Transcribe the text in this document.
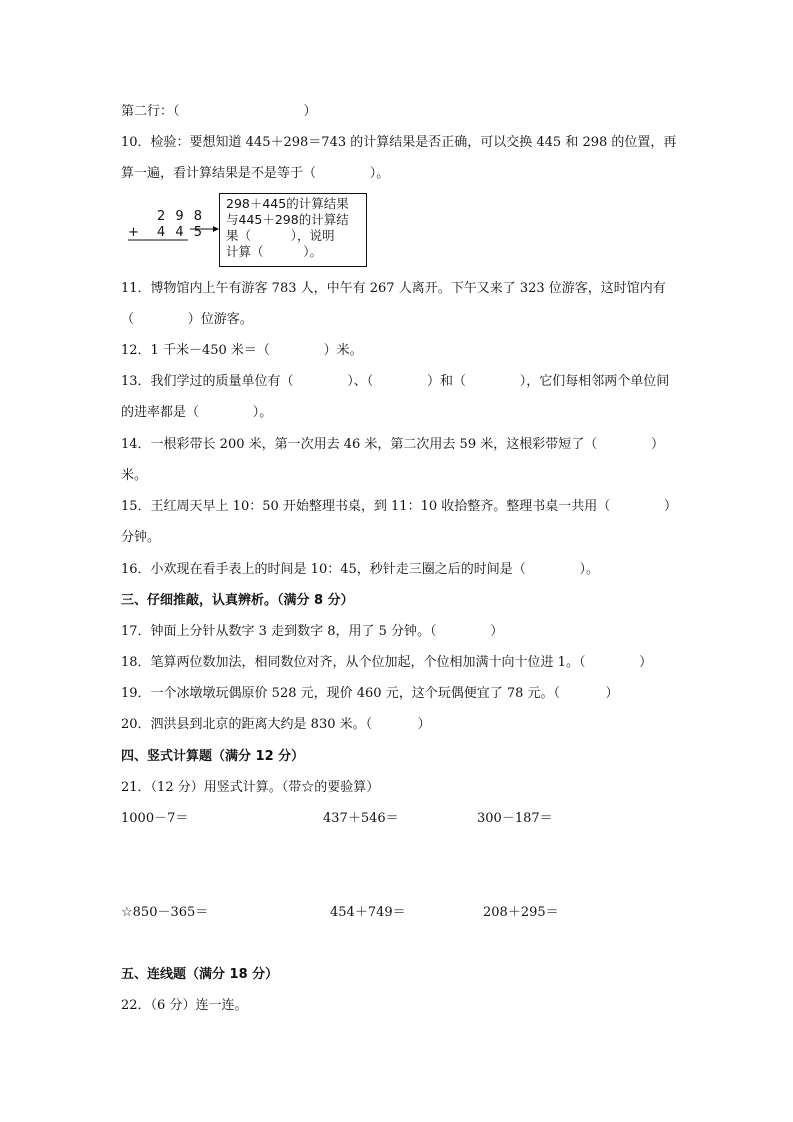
第二行：（                              ）
10．检验：要想知道 445＋298＝743 的计算结果是否正确，可以交换 445 和 298 的位置，再
算一遍，看计算结果是不是等于（             ）。
2 9 8
+ 4 4 5
298＋445的计算结果
与445＋298的计算结
果（          ），说明
计算（          ）。
11．博物馆内上午有游客 783 人，中午有 267 人离开。下午又来了 323 位游客，这时馆内有
（             ）位游客。
12．1 千米－450 米＝（             ）米。
13．我们学过的质量单位有（             ）、（             ）和（             ），它们每相邻两个单位间
的进率都是（             ）。
14．一根彩带长 200 米，第一次用去 46 米，第二次用去 59 米，这根彩带短了（             ）
米。
15．王红周天早上 10：50 开始整理书桌，到 11：10 收拾整齐。整理书桌一共用（             ）
分钟。
16．小欢现在看手表上的时间是 10：45，秒针走三圈之后的时间是（             ）。
三、仔细推敲，认真辨析。（满分 8 分）
17．钟面上分针从数字 3 走到数字 8，用了 5 分钟。（             ）
18．笔算两位数加法，相同数位对齐，从个位加起，个位相加满十向十位进 1。（             ）
19．一个冰墩墩玩偶原价 528 元，现价 460 元，这个玩偶便宜了 78 元。（           ）
20．泗洪县到北京的距离大约是 830 米。（           ）
四、竖式计算题（满分 12 分）
21．（12 分）用竖式计算。（带☆的要验算）
1000－7＝	437＋546＝	300－187＝
☆850－365＝	454＋749＝	208＋295＝
五、连线题（满分 18 分）
22．（6 分）连一连。
